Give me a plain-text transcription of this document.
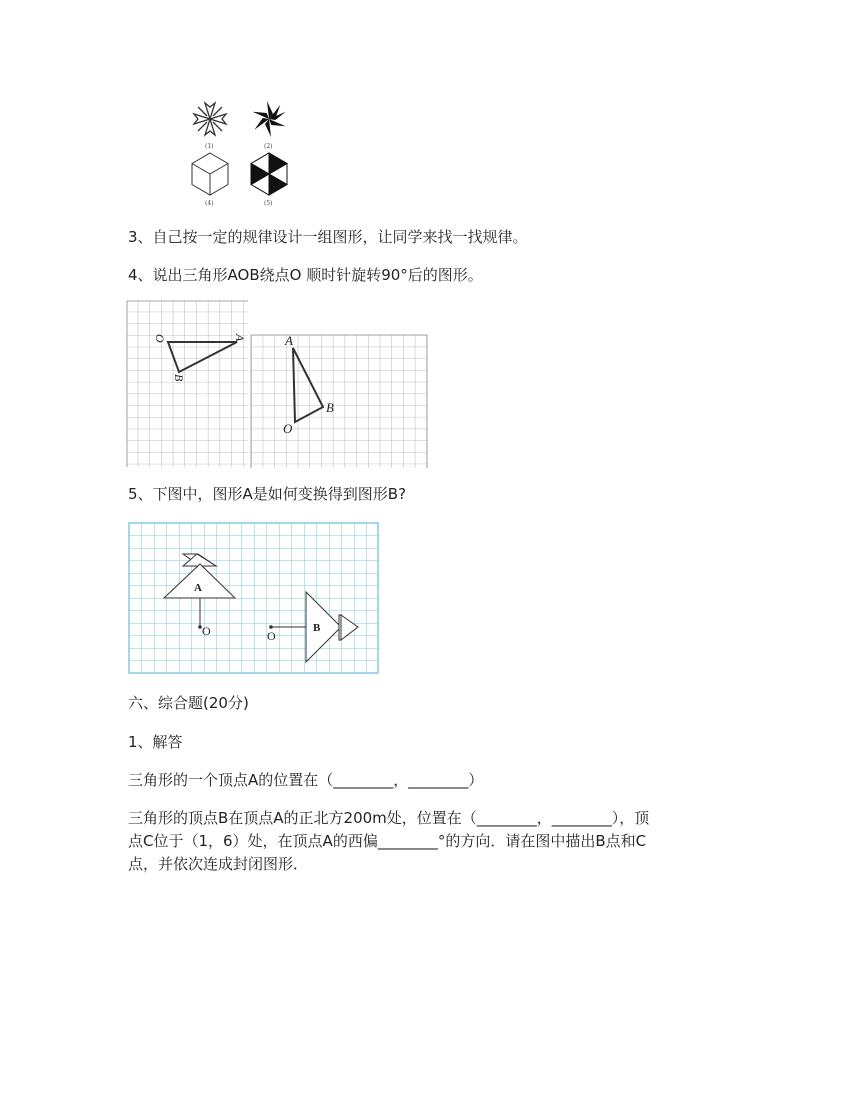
(1)	(2)
(4)	(5)
3、自己按一定的规律设计一组图形，让同学来找一找规律。
4、说出三角形AOB绕点O 顺时针旋转90°后的图形。
O	A
B
A
B
O
5、下图中，图形A是如何变换得到图形B?
A
O	B
O
六、综合题(20分)
1、解答
三角形的一个顶点A的位置在（________，________）
三角形的顶点B在顶点A的正北方200m处，位置在（________，________），顶
点C位于（1，6）处，在顶点A的西偏________°的方向．请在图中描出B点和C
点，并依次连成封闭图形．
